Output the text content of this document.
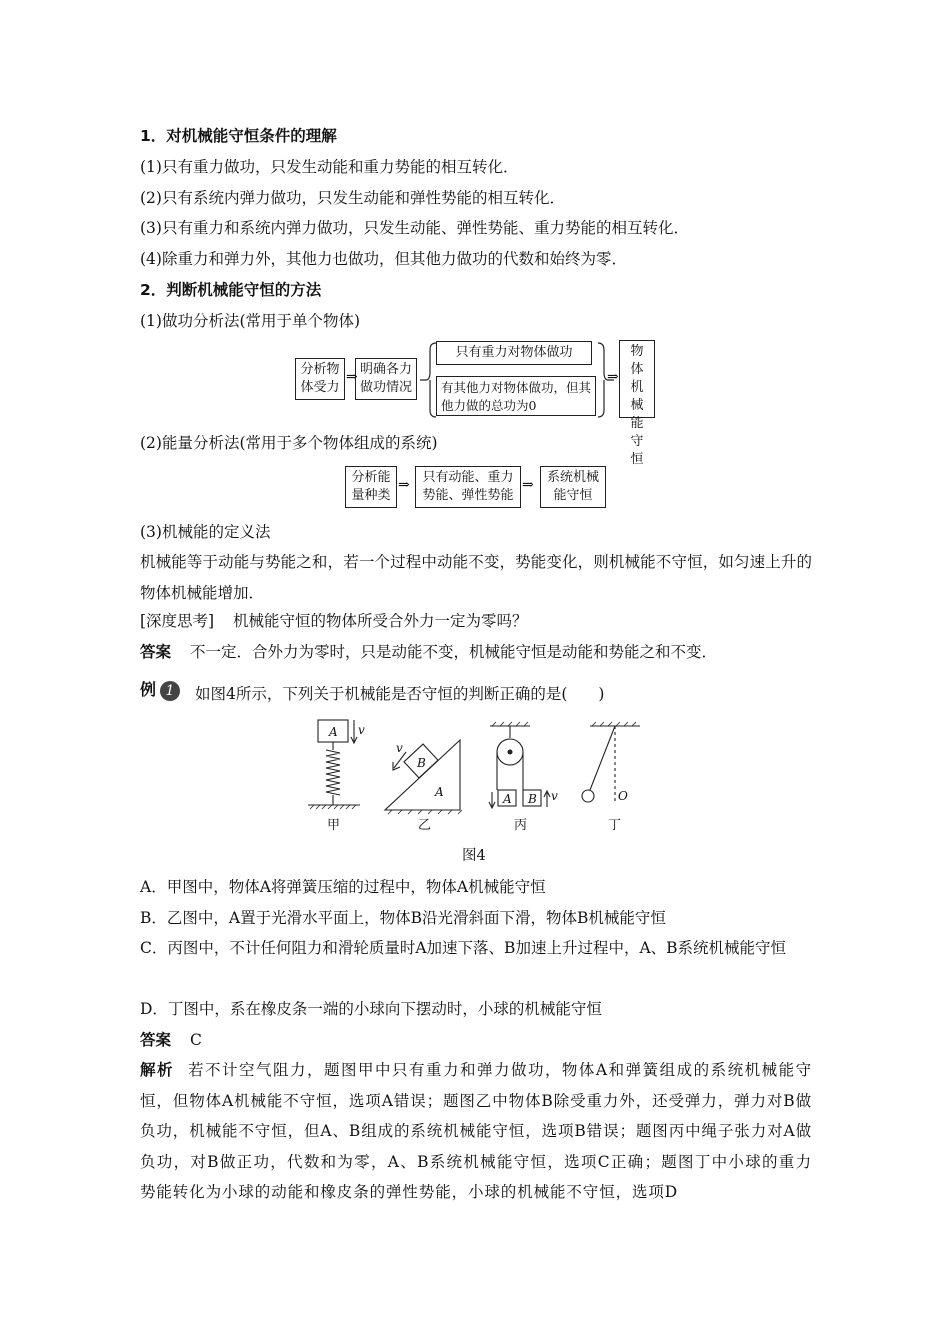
1．对机械能守恒条件的理解
(1)只有重力做功，只发生动能和重力势能的相互转化．
(2)只有系统内弹力做功，只发生动能和弹性势能的相互转化．
(3)只有重力和系统内弹力做功，只发生动能、弹性势能、重力势能的相互转化．
(4)除重力和弹力外，其他力也做功，但其他力做功的代数和始终为零．
2．判断机械能守恒的方法
(1)做功分析法(常用于单个物体)
分析物体受力
⇒ 明确各力做功情况
只有重力对物体做功
有其他力对物体做功，但其他力做的总功为0
⇒
物体机械能守恒
(2)能量分析法(常用于多个物体组成的系统)
分析能量种类
⇒ 只有动能、重力势能、弹性势能
⇒	系统机械能守恒
(3)机械能的定义法
机械能等于动能与势能之和，若一个过程中动能不变，势能变化，则机械能不守恒，如匀速上升的物体机械能增加．
[深度思考] 机械能守恒的物体所受合外力一定为零吗？
答案 不一定．合外力为零时，只是动能不变，机械能守恒是动能和势能之和不变．
例 1 如图4所示，下列关于机械能是否守恒的判断正确的是(　　)
A v
B
A
v
A B v	O
甲	乙	丙	丁
图4
A．甲图中，物体A将弹簧压缩的过程中，物体A机械能守恒
B．乙图中，A置于光滑水平面上，物体B沿光滑斜面下滑，物体B机械能守恒
C．丙图中，不计任何阻力和滑轮质量时A加速下落、B加速上升过程中，A、B系统机械能守恒
D．丁图中，系在橡皮条一端的小球向下摆动时，小球的机械能守恒
答案 C
解析 若不计空气阻力，题图甲中只有重力和弹力做功，物体A和弹簧组成的系统机械能守恒，但物体A机械能不守恒，选项A错误；题图乙中物体B除受重力外，还受弹力，弹力对B做负功，机械能不守恒，但A、B组成的系统机械能守恒，选项B错误；题图丙中绳子张力对A做负功，对B做正功，代数和为零，A、B系统机械能守恒，选项C正确；题图丁中小球的重力势能转化为小球的动能和橡皮条的弹性势能，小球的机械能不守恒，选项D
